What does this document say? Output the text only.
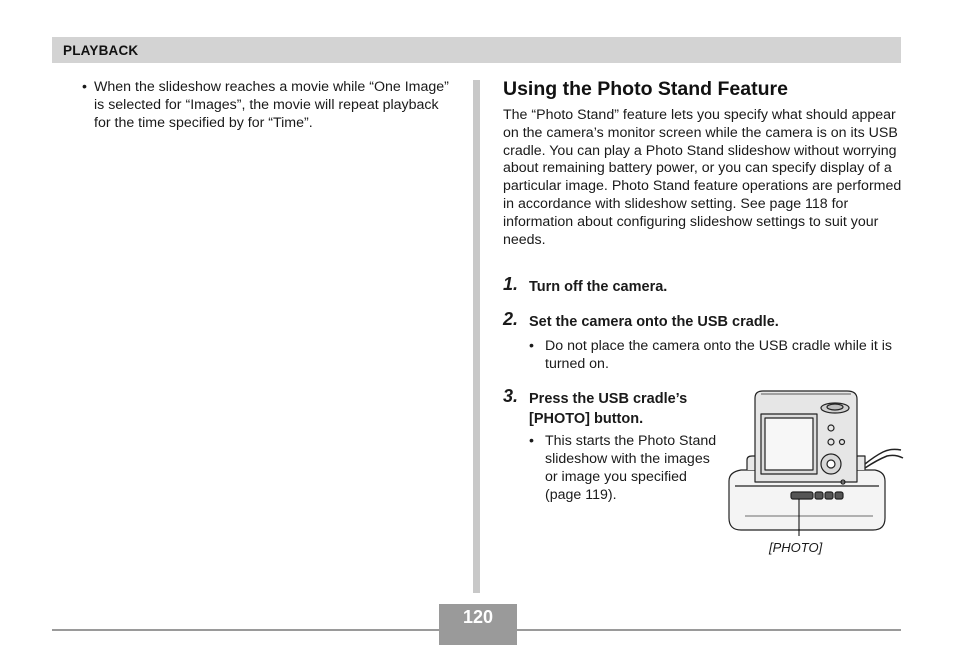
PLAYBACK
• When the slideshow reaches a movie while “One Image” is selected for “Images”, the movie will repeat playback for the time specified by for “Time”.
Using the Photo Stand Feature
The “Photo Stand” feature lets you specify what should appear on the camera’s monitor screen while the camera is on its USB cradle. You can play a Photo Stand slideshow without worrying about remaining battery power, or you can specify display of a particular image. Photo Stand feature operations are performed in accordance with slideshow setting. See page 118 for information about configuring slideshow settings to suit your needs.
1. Turn off the camera.
2. Set the camera onto the USB cradle.
• Do not place the camera onto the USB cradle while it is turned on.
3. Press the USB cradle’s
[PHOTO] button.
• This starts the Photo Stand slideshow with the images or image you specified (page 119).
[PHOTO]
120
